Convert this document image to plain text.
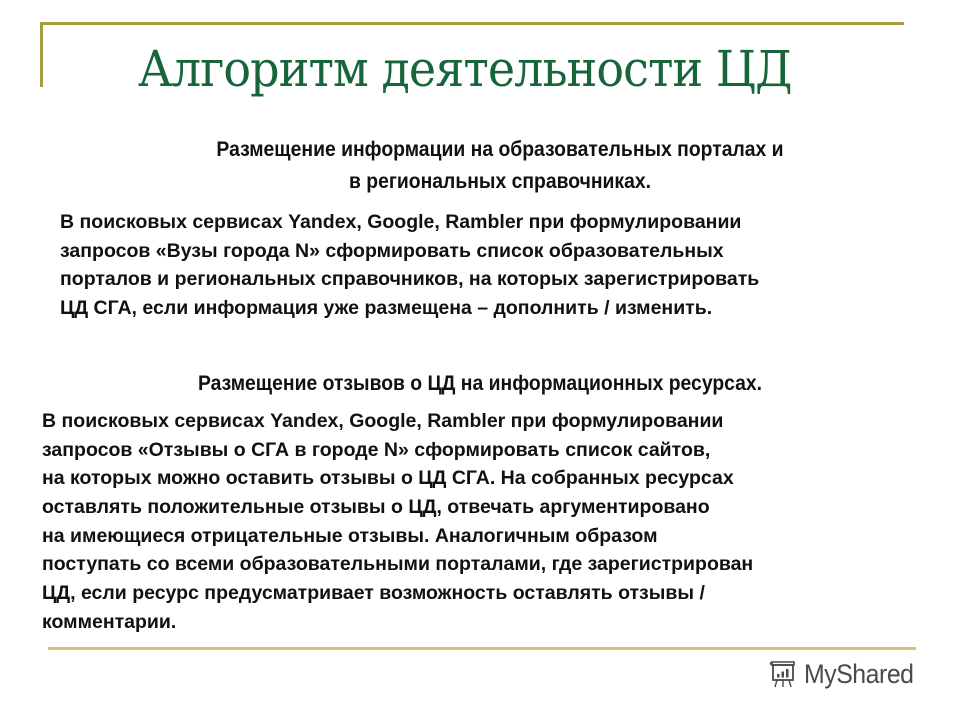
Алгоритм деятельности ЦД
Размещение информации на образовательных порталах и
в региональных справочниках.

В поисковых сервисах Yandex, Google, Rambler при формулировании
запросов «Вузы города N» сформировать список образовательных
порталов и региональных справочников, на которых зарегистрировать
ЦД СГА, если информация уже размещена – дополнить / изменить.

Размещение отзывов о ЦД на информационных ресурсах.

В поисковых сервисах Yandex, Google, Rambler при формулировании
запросов «Отзывы о СГА в городе N» сформировать список сайтов,
на которых можно оставить отзывы о ЦД СГА. На собранных ресурсах
оставлять положительные отзывы о ЦД, отвечать аргументировано
на имеющиеся отрицательные отзывы. Аналогичным образом
поступать со всеми образовательными порталами, где зарегистрирован
ЦД, если ресурс предусматривает возможность оставлять отзывы /
комментарии.

MyShared
